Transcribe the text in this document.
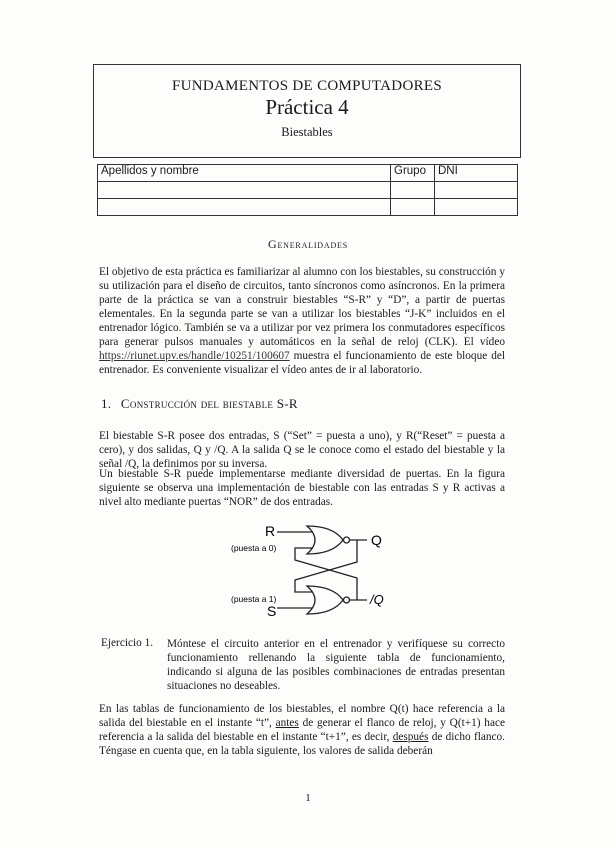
FUNDAMENTOS DE COMPUTADORES
Práctica 4
Biestables
Apellidos y nombre	Grupo	DNI

Generalidades
El objetivo de esta práctica es familiarizar al alumno con los biestables, su construcción y su utilización para el diseño de circuitos, tanto síncronos como asíncronos. En la primera parte de la práctica se van a construir biestables “S-R” y “D”, a partir de puertas elementales. En la segunda parte se van a utilizar los biestables “J-K” incluidos en el entrenador lógico. También se va a utilizar por vez primera los conmutadores específicos para generar pulsos manuales y automáticos en la señal de reloj (CLK). El vídeo https://riunet.upv.es/handle/10251/100607 muestra el funcionamiento de este bloque del entrenador. Es conveniente visualizar el vídeo antes de ir al laboratorio.
1. Construcción del biestable S-R
El biestable S-R posee dos entradas, S (“Set” = puesta a uno), y R(“Reset” = puesta a cero), y dos salidas, Q y /Q. A la salida Q se le conoce como el estado del biestable y la señal /Q, la definimos por su inversa.
Un biestable S-R puede implementarse mediante diversidad de puertas. En la figura siguiente se observa una implementación de biestable con las entradas S y R activas a nivel alto mediante puertas “NOR” de dos entradas.
R
(puesta a 0)	Q
(puesta a 1)
S
/Q
Ejercicio 1. Móntese el circuito anterior en el entrenador y verifíquese su correcto funcionamiento rellenando la siguiente tabla de funcionamiento, indicando si alguna de las posibles combinaciones de entradas presentan situaciones no deseables.
En las tablas de funcionamiento de los biestables, el nombre Q(t) hace referencia a la salida del biestable en el instante “t”, antes de generar el flanco de reloj, y Q(t+1) hace referencia a la salida del biestable en el instante “t+1”, es decir, después de dicho flanco. Téngase en cuenta que, en la tabla siguiente, los valores de salida deberán
1
